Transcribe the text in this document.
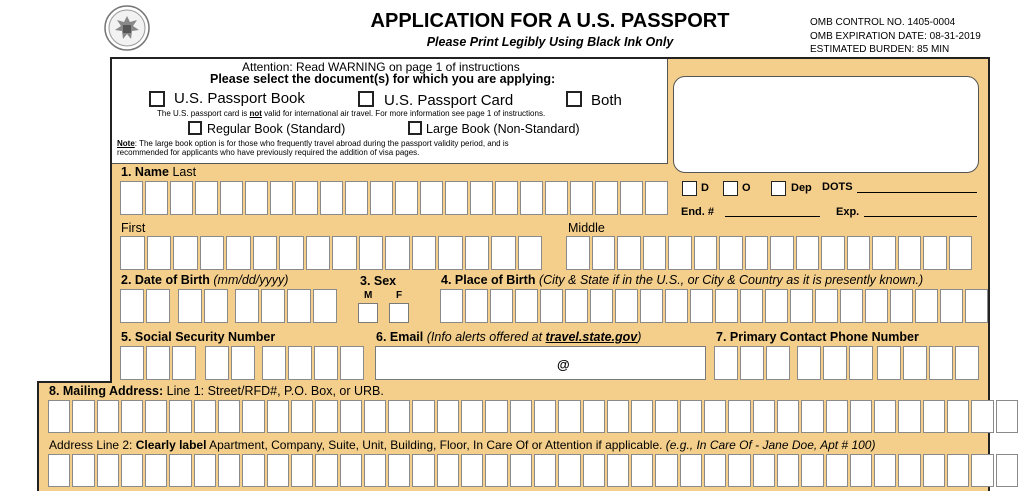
APPLICATION FOR A U.S. PASSPORT
Please Print Legibly Using Black Ink Only
OMB CONTROL NO. 1405-0004
OMB EXPIRATION DATE: 08-31-2019
ESTIMATED BURDEN: 85 MIN
Attention: Read WARNING on page 1 of instructions
Please select the document(s) for which you are applying:
U.S. Passport Book	U.S. Passport Card	Both
The U.S. passport card is not valid for international air travel. For more information see page 1 of instructions.
Regular Book (Standard)	Large Book (Non-Standard)
Note: The large book option is for those who frequently travel abroad during the passport validity period, and is
recommended for applicants who have previously required the addition of visa pages.
D	O	Dep DOTS
End. #	Exp.
1. Name Last
First	Middle
2. Date of Birth (mm/dd/yyyy)	3. Sex
M F
4. Place of Birth (City & State if in the U.S., or City & Country as it is presently known.)
5. Social Security Number	6. Email (Info alerts offered at travel.state.gov)
@
7. Primary Contact Phone Number
8. Mailing Address: Line 1: Street/RFD#, P.O. Box, or URB.
Address Line 2: Clearly label Apartment, Company, Suite, Unit, Building, Floor, In Care Of or Attention if applicable. (e.g., In Care Of - Jane Doe, Apt # 100)
